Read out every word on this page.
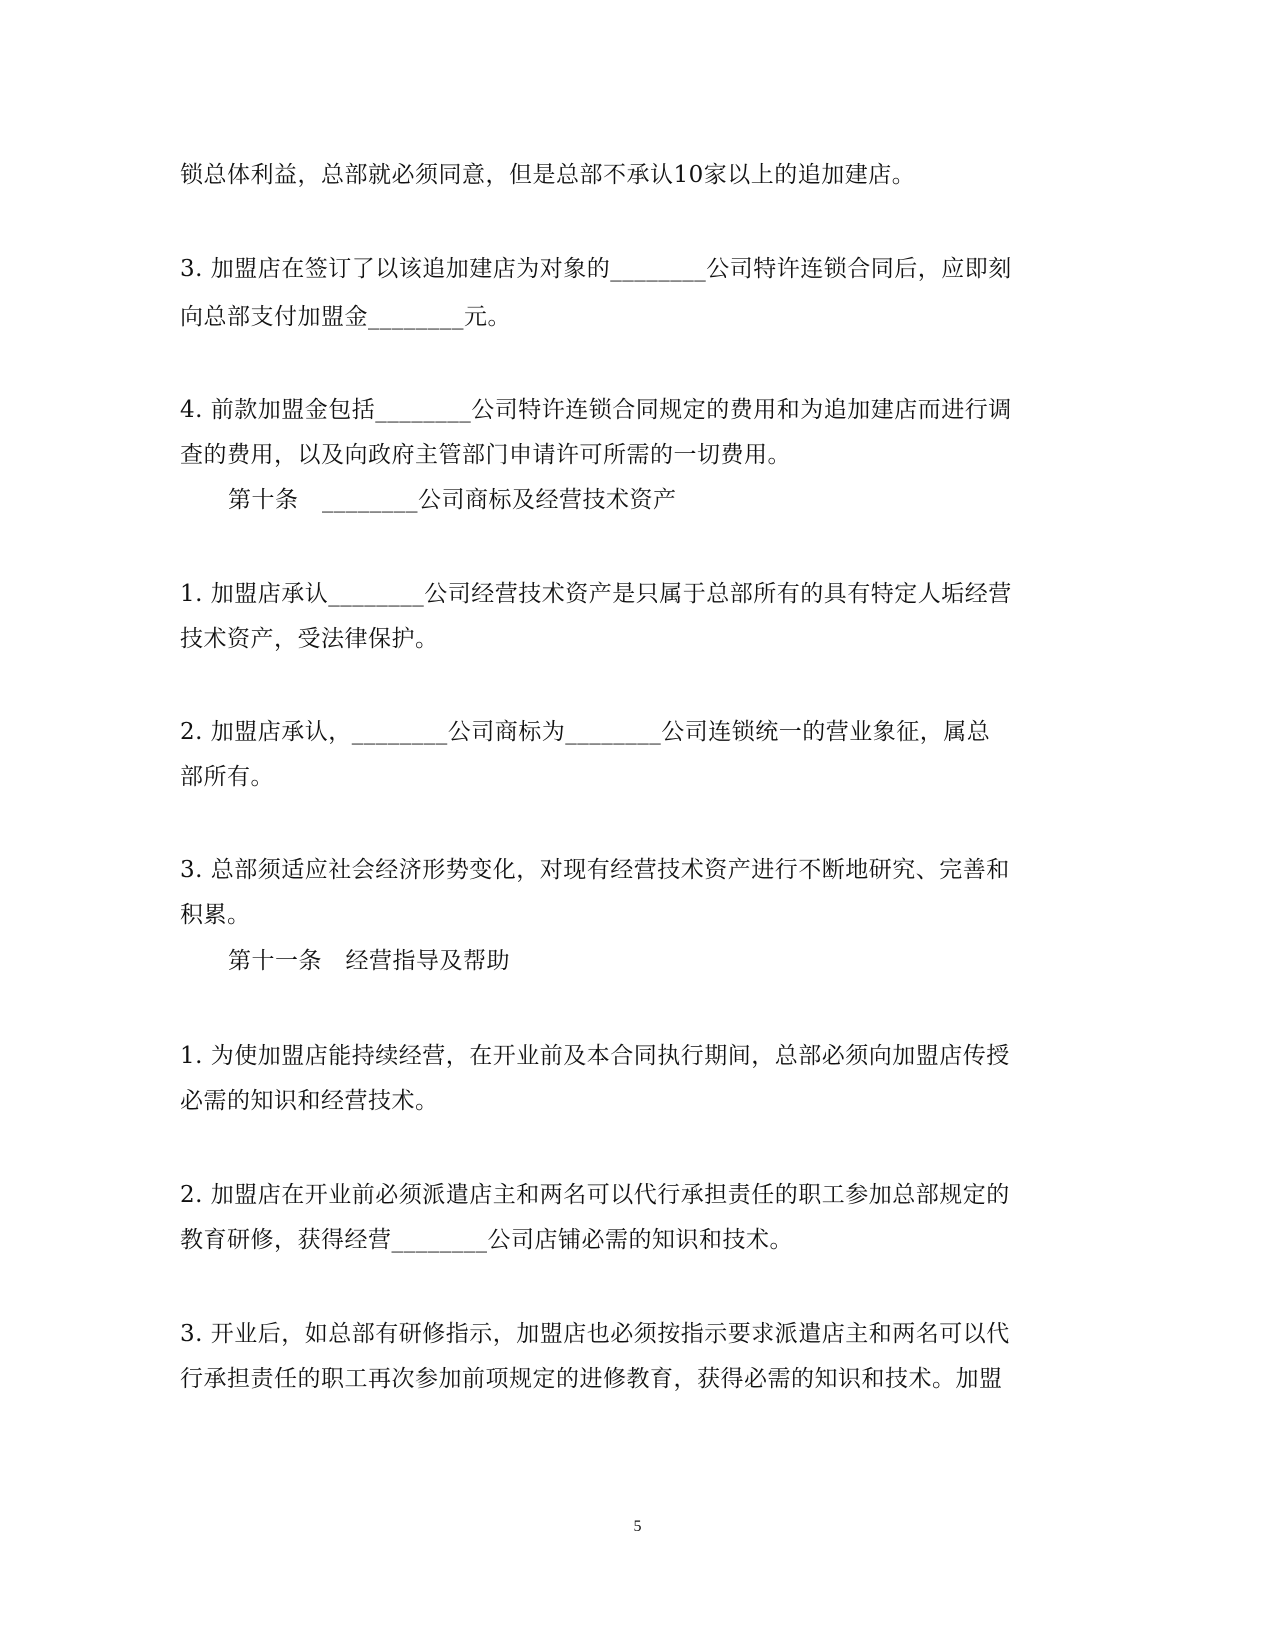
锁总体利益，总部就必须同意，但是总部不承认10家以上的追加建店。
3. 加盟店在签订了以该追加建店为对象的________公司特许连锁合同后，应即刻
向总部支付加盟金________元。
4. 前款加盟金包括________公司特许连锁合同规定的费用和为追加建店而进行调
查的费用，以及向政府主管部门申请许可所需的一切费用。
第十条　________公司商标及经营技术资产
1. 加盟店承认________公司经营技术资产是只属于总部所有的具有特定人垢经营
技术资产，受法律保护。
2. 加盟店承认，________公司商标为________公司连锁统一的营业象征，属总
部所有。
3. 总部须适应社会经济形势变化，对现有经营技术资产进行不断地研究、完善和
积累。
第十一条　经营指导及帮助
1. 为使加盟店能持续经营，在开业前及本合同执行期间，总部必须向加盟店传授
必需的知识和经营技术。
2. 加盟店在开业前必须派遣店主和两名可以代行承担责任的职工参加总部规定的
教育研修，获得经营________公司店铺必需的知识和技术。
3. 开业后，如总部有研修指示，加盟店也必须按指示要求派遣店主和两名可以代
行承担责任的职工再次参加前项规定的进修教育，获得必需的知识和技术。加盟
5
